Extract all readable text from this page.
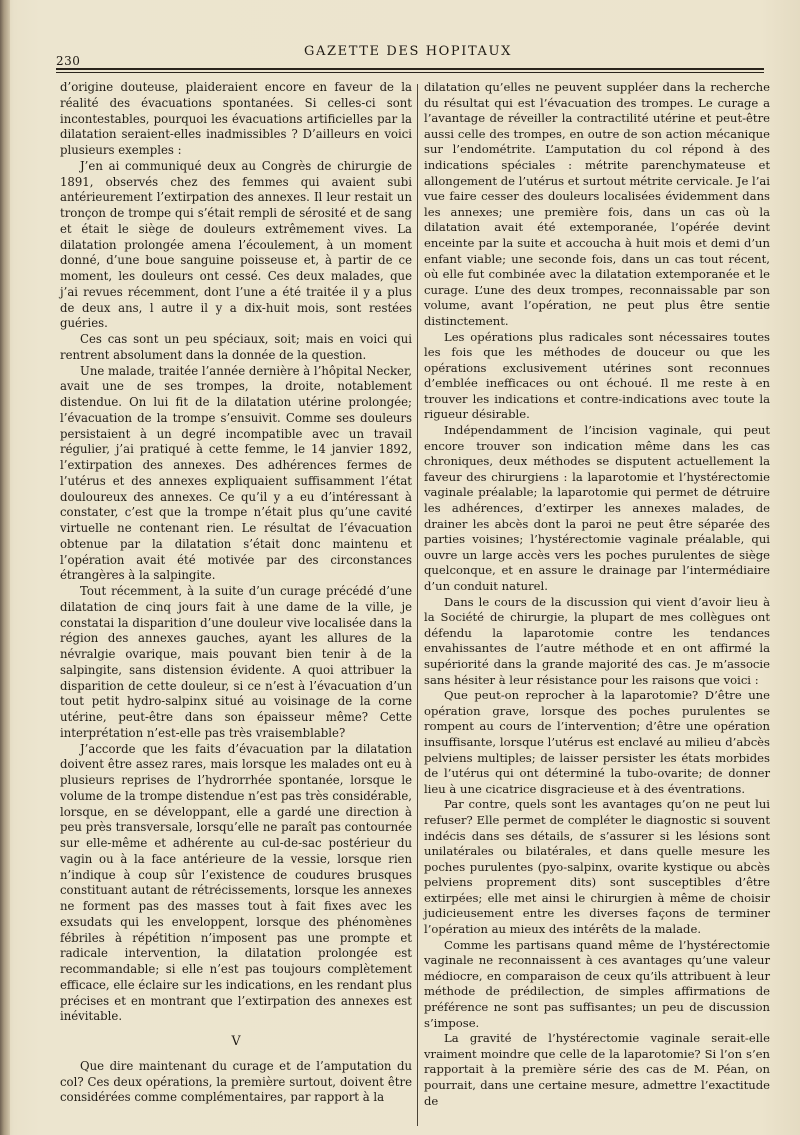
230
GAZETTE DES HOPITAUX

d’origine douteuse, plaideraient encore en faveur de la réalité des évacuations spontanées. Si celles-ci sont incontestables, pourquoi les évacuations artificielles par la dilatation seraient-elles inadmissibles ? D’ailleurs en voici plusieurs exemples :

J’en ai communiqué deux au Congrès de chirurgie de 1891, observés chez des femmes qui avaient subi antérieurement l’extirpation des annexes. Il leur restait un tronçon de trompe qui s’était rempli de sérosité et de sang et était le siège de douleurs extrêmement vives. La dilatation prolongée amena l’écoulement, à un moment donné, d’une boue sanguine poisseuse et, à partir de ce moment, les douleurs ont cessé. Ces deux malades, que j’ai revues récemment, dont l’une a été traitée il y a plus de deux ans, l autre il y a dix-huit mois, sont restées guéries.

Ces cas sont un peu spéciaux, soit; mais en voici qui rentrent absolument dans la donnée de la question.

Une malade, traitée l’année dernière à l’hôpital Necker, avait une de ses trompes, la droite, notablement distendue. On lui fit de la dilatation utérine prolongée; l’évacuation de la trompe s’ensuivit. Comme ses douleurs persistaient à un degré incompatible avec un travail régulier, j’ai pratiqué à cette femme, le 14 janvier 1892, l’extirpation des annexes. Des adhérences fermes de l’utérus et des annexes expliquaient suffisamment l’état douloureux des annexes. Ce qu’il y a eu d’intéressant à constater, c’est que la trompe n’était plus qu’une cavité virtuelle ne contenant rien. Le résultat de l’évacuation obtenue par la dilatation s’était donc maintenu et l’opération avait été motivée par des circonstances étrangères à la salpingite.

Tout récemment, à la suite d’un curage précédé d’une dilatation de cinq jours fait à une dame de la ville, je constatai la disparition d’une douleur vive localisée dans la région des annexes gauches, ayant les allures de la névralgie ovarique, mais pouvant bien tenir à de la salpingite, sans distension évidente. A quoi attribuer la disparition de cette douleur, si ce n’est à l’évacuation d’un tout petit hydro-salpinx situé au voisinage de la corne utérine, peut-être dans son épaisseur même? Cette interprétation n’est-elle pas très vraisemblable?

J’accorde que les faits d’évacuation par la dilatation doivent être assez rares, mais lorsque les malades ont eu à plusieurs reprises de l’hydrorrhée spontanée, lorsque le volume de la trompe distendue n’est pas très considérable, lorsque, en se développant, elle a gardé une direction à peu près transversale, lorsqu’elle ne paraît pas contournée sur elle-même et adhérente au cul-de-sac postérieur du vagin ou à la face antérieure de la vessie, lorsque rien n’indique à coup sûr l’existence de coudures brusques constituant autant de rétrécissements, lorsque les annexes ne forment pas des masses tout à fait fixes avec les exsudats qui les enveloppent, lorsque des phénomènes fébriles à répétition n’imposent pas une prompte et radicale intervention, la dilatation prolongée est recommandable; si elle n’est pas toujours complètement efficace, elle éclaire sur les indications, en les rendant plus précises et en montrant que l’extirpation des annexes est inévitable.

V

Que dire maintenant du curage et de l’amputation du col? Ces deux opérations, la première surtout, doivent être considérées comme complémentaires, par rapport à la

dilatation qu’elles ne peuvent suppléer dans la recherche du résultat qui est l’évacuation des trompes. Le curage a l’avantage de réveiller la contractilité utérine et peut-être aussi celle des trompes, en outre de son action mécanique sur l’endométrite. L’amputation du col répond à des indications spéciales : métrite parenchymateuse et allongement de l’utérus et surtout métrite cervicale. Je l’ai vue faire cesser des douleurs localisées évidemment dans les annexes; une première fois, dans un cas où la dilatation avait été extemporanée, l’opérée devint enceinte par la suite et accoucha à huit mois et demi d’un enfant viable; une seconde fois, dans un cas tout récent, où elle fut combinée avec la dilatation extemporanée et le curage. L’une des deux trompes, reconnaissable par son volume, avant l’opération, ne peut plus être sentie distinctement.

Les opérations plus radicales sont nécessaires toutes les fois que les méthodes de douceur ou que les opérations exclusivement utérines sont reconnues d’emblée inefficaces ou ont échoué. Il me reste à en trouver les indications et contre-indications avec toute la rigueur désirable.

Indépendamment de l’incision vaginale, qui peut encore trouver son indication même dans les cas chroniques, deux méthodes se disputent actuellement la faveur des chirurgiens : la laparotomie et l’hystérectomie vaginale préalable; la laparotomie qui permet de détruire les adhérences, d’extirper les annexes malades, de drainer les abcès dont la paroi ne peut être séparée des parties voisines; l’hystérectomie vaginale préalable, qui ouvre un large accès vers les poches purulentes de siège quelconque, et en assure le drainage par l’intermédiaire d’un conduit naturel.

Dans le cours de la discussion qui vient d’avoir lieu à la Société de chirurgie, la plupart de mes collègues ont défendu la laparotomie contre les tendances envahissantes de l’autre méthode et en ont affirmé la supériorité dans la grande majorité des cas. Je m’associe sans hésiter à leur résistance pour les raisons que voici :

Que peut-on reprocher à la laparotomie? D’être une opération grave, lorsque des poches purulentes se rompent au cours de l’intervention; d’être une opération insuffisante, lorsque l’utérus est enclavé au milieu d’abcès pelviens multiples; de laisser persister les états morbides de l’utérus qui ont déterminé la tubo-ovarite; de donner lieu à une cicatrice disgracieuse et à des éventrations.

Par contre, quels sont les avantages qu’on ne peut lui refuser? Elle permet de compléter le diagnostic si souvent indécis dans ses détails, de s’assurer si les lésions sont unilatérales ou bilatérales, et dans quelle mesure les poches purulentes (pyo-salpinx, ovarite kystique ou abcès pelviens proprement dits) sont susceptibles d’être extirpées; elle met ainsi le chirurgien à même de choisir judicieusement entre les diverses façons de terminer l’opération au mieux des intérêts de la malade.

Comme les partisans quand même de l’hystérectomie vaginale ne reconnaissent à ces avantages qu’une valeur médiocre, en comparaison de ceux qu’ils attribuent à leur méthode de prédilection, de simples affirmations de préférence ne sont pas suffisantes; un peu de discussion s’impose.

La gravité de l’hystérectomie vaginale serait-elle vraiment moindre que celle de la laparotomie? Si l’on s’en rapportait à la première série des cas de M. Péan, on pourrait, dans une certaine mesure, admettre l’exactitude de
